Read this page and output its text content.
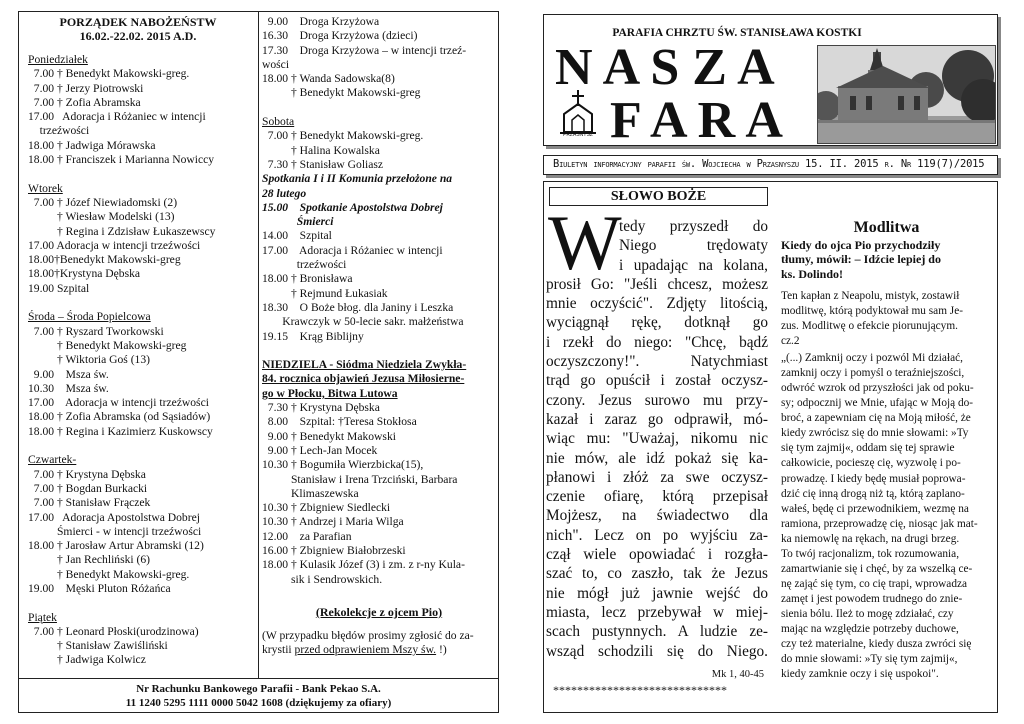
PORZĄDEK NABOŻEŃSTW
16.02.-22.02. 2015 A.D.
Poniedziałek
7.00 † Benedykt Makowski-greg.
7.00 † Jerzy Piotrowski
7.00 † Zofia Abramska
17.00   Adoracja i Różaniec w intencji
trzeźwości
18.00 † Jadwiga Mórawska
18.00 † Franciszek i Marianna Nowiccy

Wtorek
7.00 † Józef Niewiadomski (2)
† Wiesław Modelski (13)
† Regina i Zdzisław Łukaszewscy
17.00 Adoracja w intencji trzeźwości
18.00†Benedykt Makowski-greg
18.00†Krystyna Dębska
19.00 Szpital

Środa – Środa Popielcowa
7.00 † Ryszard Tworkowski
† Benedykt Makowski-greg
† Wiktoria Goś (13)
9.00    Msza św.
10.30    Msza św.
17.00    Adoracja w intencji trzeźwości
18.00 † Zofia Abramska (od Sąsiadów)
18.00 † Regina i Kazimierz Kuskowscy

Czwartek-
7.00 † Krystyna Dębska
7.00 † Bogdan Burkacki
7.00 † Stanisław Frączek
17.00   Adoracja Apostolstwa Dobrej
Śmierci - w intencji trzeźwości
18.00 † Jarosław Artur Abramski (12)
† Jan Rechliński (6)
† Benedykt Makowski-greg.
19.00    Męski Pluton Różańca

Piątek
7.00 † Leonard Płoski(urodzinowa)
† Stanisław Zawiśliński
† Jadwiga Kolwicz
9.00    Droga Krzyżowa
16.30    Droga Krzyżowa (dzieci)
17.30    Droga Krzyżowa – w intencji trzeź-
wości
18.00 † Wanda Sadowska(8)
† Benedykt Makowski-greg

Sobota
7.00 † Benedykt Makowski-greg.
† Halina Kowalska
7.30 † Stanisław Goliasz
Spotkania I i II Komunia przełożone na
28 lutego
15.00    Spotkanie Apostolstwa Dobrej
Śmierci
14.00    Szpital
17.00    Adoracja i Różaniec w intencji
trzeźwości
18.00 † Bronisława
† Rejmund Łukasiak
18.30    O Boże błog. dla Janiny i Leszka
Krawczyk w 50-lecie sakr. małżeństwa
19.15    Krąg Biblijny

NIEDZIELA - Siódma Niedziela Zwykła-
84. rocznica objawień Jezusa Miłosierne-
go w Płocku, Bitwa Lutowa
7.30 † Krystyna Dębska
8.00    Szpital: †Teresa Stokłosa
9.00 † Benedykt Makowski
9.00 † Lech-Jan Mocek
10.30 † Bogumiła Wierzbicka(15),
Stanisław i Irena Trzciński, Barbara
Klimaszewska
10.30 † Zbigniew Siedlecki
10.30 † Andrzej i Maria Wilga
12.00    za Parafian
16.00 † Zbigniew Białobrzeski
18.00 † Kulasik Józef (3) i zm. z r-ny Kula-
sik i Sendrowskich.
(Rekolekcje z ojcem Pio)
(W przypadku błędów prosimy zgłosić do za-
krystii przed odprawieniem Mszy św. !)
Nr Rachunku Bankowego Parafii - Bank Pekao S.A.
11 1240 5295 1111 0000 5042 1608 (dziękujemy za ofiary)
PARAFIA CHRZTU ŚW. STANISŁAWA KOSTKI
N A S Z A
F A R A
PRZASNYSZ
Biuletyn informacyjny parafii św. Wojciecha w Przasnyszu 15. II. 2015 r. Nr 119(7)/2015
SŁOWO BOŻE
W
tedy przyszedł do
Niego trędowaty
i upadając na kolana,
prosił Go: "Jeśli chcesz, możesz
mnie oczyścić". Zdjęty litością,
wyciągnął rękę, dotknął go
i rzekł do niego: "Chcę, bądź
oczyszczony!". Natychmiast
trąd go opuścił i został oczysz-
czony. Jezus surowo mu przy-
kazał i zaraz go odprawił, mó-
wiąc mu: "Uważaj, nikomu nic
nie mów, ale idź pokaż się ka-
płanowi i złóż za swe oczysz-
czenie ofiarę, którą przepisał
Mojżesz, na świadectwo dla
nich". Lecz on po wyjściu za-
czął wiele opowiadać i rozgła-
szać to, co zaszło, tak że Jezus
nie mógł już jawnie wejść do
miasta, lecz przebywał w miej-
scach pustynnych. A ludzie ze-
wsząd schodzili się do Niego.
Mk 1, 40-45
*****************************
Modlitwa
Kiedy do ojca Pio przychodziły
tłumy, mówił: – Idźcie lepiej do
ks. Dolindo!
Ten kapłan z Neapolu, mistyk, zostawił
modlitwę, którą podyktował mu sam Je-
zus. Modlitwę o efekcie piorunującym.
cz.2
„(...) Zamknij oczy i pozwól Mi działać,
zamknij oczy i pomyśl o teraźniejszości,
odwróć wzrok od przyszłości jak od poku-
sy; odpocznij we Mnie, ufając w Moją do-
broć, a zapewniam cię na Moją miłość, że
kiedy zwrócisz się do mnie słowami: »Ty
się tym zajmij«, oddam się tej sprawie
całkowicie, pocieszę cię, wyzwolę i po-
prowadzę. I kiedy będę musiał poprowa-
dzić cię inną drogą niż tą, którą zaplano-
wałeś, będę ci przewodnikiem, wezmę na
ramiona, przeprowadzę cię, niosąc jak mat-
ka niemowlę na rękach, na drugi brzeg.
To twój racjonalizm, tok rozumowania,
zamartwianie się i chęć, by za wszelką ce-
nę zająć się tym, co cię trapi, wprowadza
zamęt i jest powodem trudnego do znie-
sienia bólu. Ileż to mogę zdziałać, czy
mając na względzie potrzeby duchowe,
czy też materialne, kiedy dusza zwróci się
do mnie słowami: »Ty się tym zajmij«,
kiedy zamknie oczy i się uspokoi".
